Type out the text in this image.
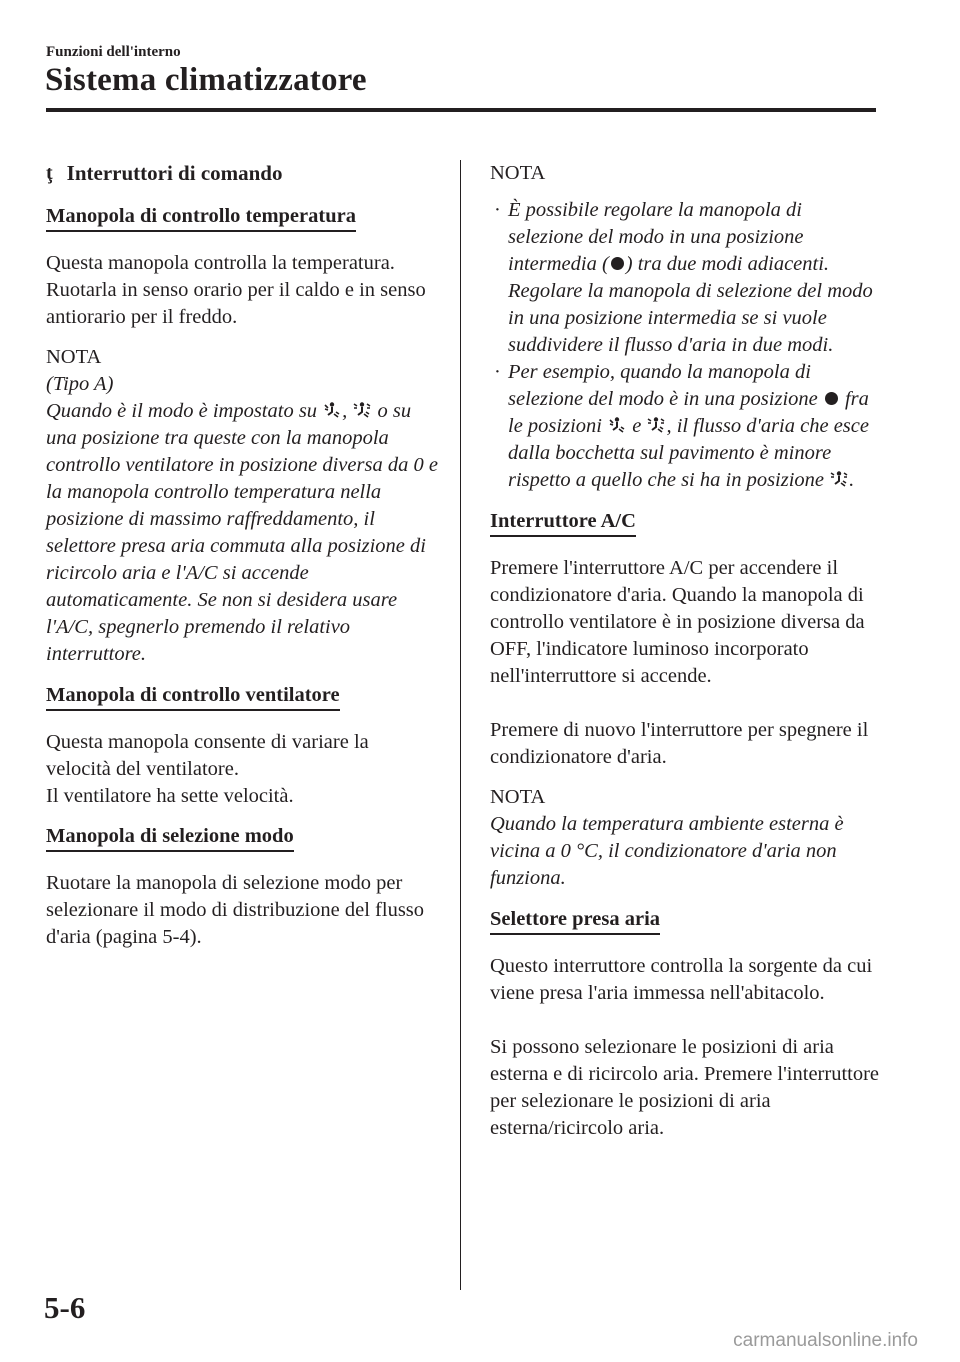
Funzioni dell'interno
Sistema climatizzatore
ţ Interruttori di comando
Manopola di controllo temperatura

Questa manopola controlla la temperatura. Ruotarla in senso orario per il caldo e in senso antiorario per il freddo.

NOTA
(Tipo A)
Quando è il modo è impostato su ,  o su una posizione tra queste con la manopola controllo ventilatore in posizione diversa da 0 e la manopola controllo temperatura nella posizione di massimo raffreddamento, il selettore presa aria commuta alla posizione di ricircolo aria e l'A/C si accende automaticamente. Se non si desidera usare l'A/C, spegnerlo premendo il relativo interruttore.
Manopola di controllo ventilatore

Questa manopola consente di variare la velocità del ventilatore.

Il ventilatore ha sette velocità.

Manopola di selezione modo

Ruotare la manopola di selezione modo per selezionare il modo di distribuzione del flusso d'aria (pagina 5-4).

NOTA
· È possibile regolare la manopola di selezione del modo in una posizione intermedia ( ) tra due modi adiacenti. Regolare la manopola di selezione del modo in una posizione intermedia se si vuole suddividere il flusso d'aria in due modi.
· Per esempio, quando la manopola di selezione del modo è in una posizione  fra le posizioni  e , il flusso d'aria che esce dalla bocchetta sul pavimento è minore rispetto a quello che si ha in posizione .
Interruttore A/C

Premere l'interruttore A/C per accendere il condizionatore d'aria. Quando la manopola di controllo ventilatore è in posizione diversa da OFF, l'indicatore luminoso incorporato nell'interruttore si accende.

Premere di nuovo l'interruttore per spegnere il condizionatore d'aria.

NOTA
Quando la temperatura ambiente esterna è vicina a 0 °C, il condizionatore d'aria non funziona.
Selettore presa aria

Questo interruttore controlla la sorgente da cui viene presa l'aria immessa nell'abitacolo.

Si possono selezionare le posizioni di aria esterna e di ricircolo aria. Premere l'interruttore per selezionare le posizioni di aria esterna/ricircolo aria.

5-6
carmanualsonline.info
